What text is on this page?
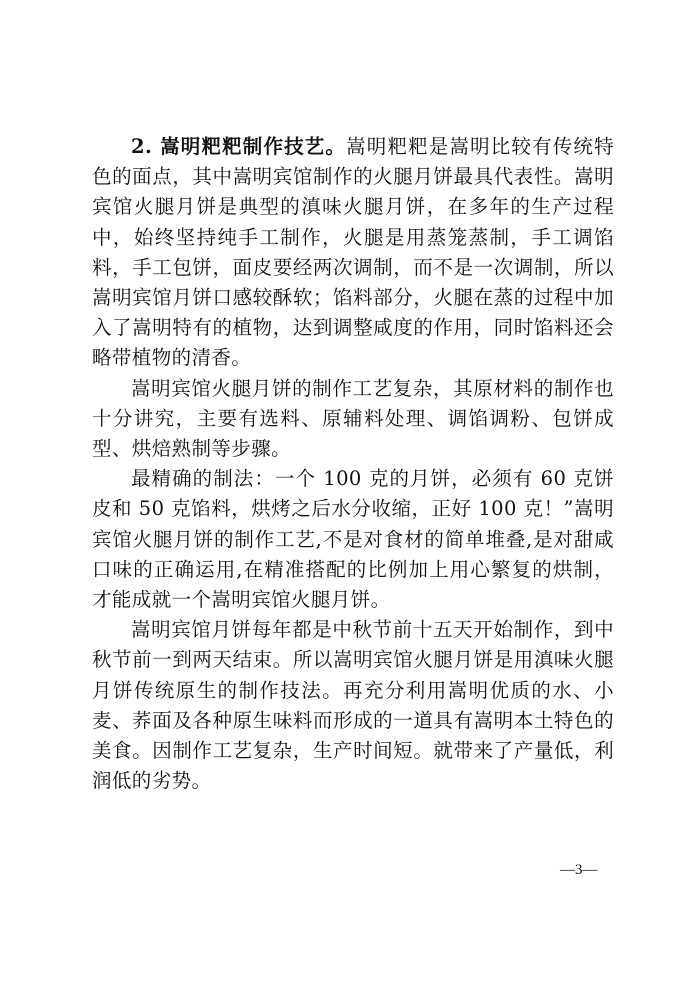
2. 嵩明粑粑制作技艺。嵩明粑粑是嵩明比较有传统特色的面点，其中嵩明宾馆制作的火腿月饼最具代表性。嵩明宾馆火腿月饼是典型的滇味火腿月饼，在多年的生产过程中，始终坚持纯手工制作，火腿是用蒸笼蒸制，手工调馅料，手工包饼，面皮要经两次调制，而不是一次调制，所以嵩明宾馆月饼口感较酥软；馅料部分，火腿在蒸的过程中加入了嵩明特有的植物，达到调整咸度的作用，同时馅料还会略带植物的清香。

嵩明宾馆火腿月饼的制作工艺复杂，其原材料的制作也十分讲究，主要有选料、原辅料处理、调馅调粉、包饼成型、烘焙熟制等步骤。

最精确的制法：一个 100 克的月饼，必须有 60 克饼皮和 50 克馅料，烘烤之后水分收缩，正好 100 克！”嵩明宾馆火腿月饼的制作工艺,不是对食材的简单堆叠,是对甜咸口味的正确运用,在精准搭配的比例加上用心繁复的烘制，才能成就一个嵩明宾馆火腿月饼。

嵩明宾馆月饼每年都是中秋节前十五天开始制作，到中秋节前一到两天结束。所以嵩明宾馆火腿月饼是用滇味火腿月饼传统原生的制作技法。再充分利用嵩明优质的水、小麦、荞面及各种原生味料而形成的一道具有嵩明本土特色的美食。因制作工艺复杂，生产时间短。就带来了产量低，利润低的劣势。

—3—
